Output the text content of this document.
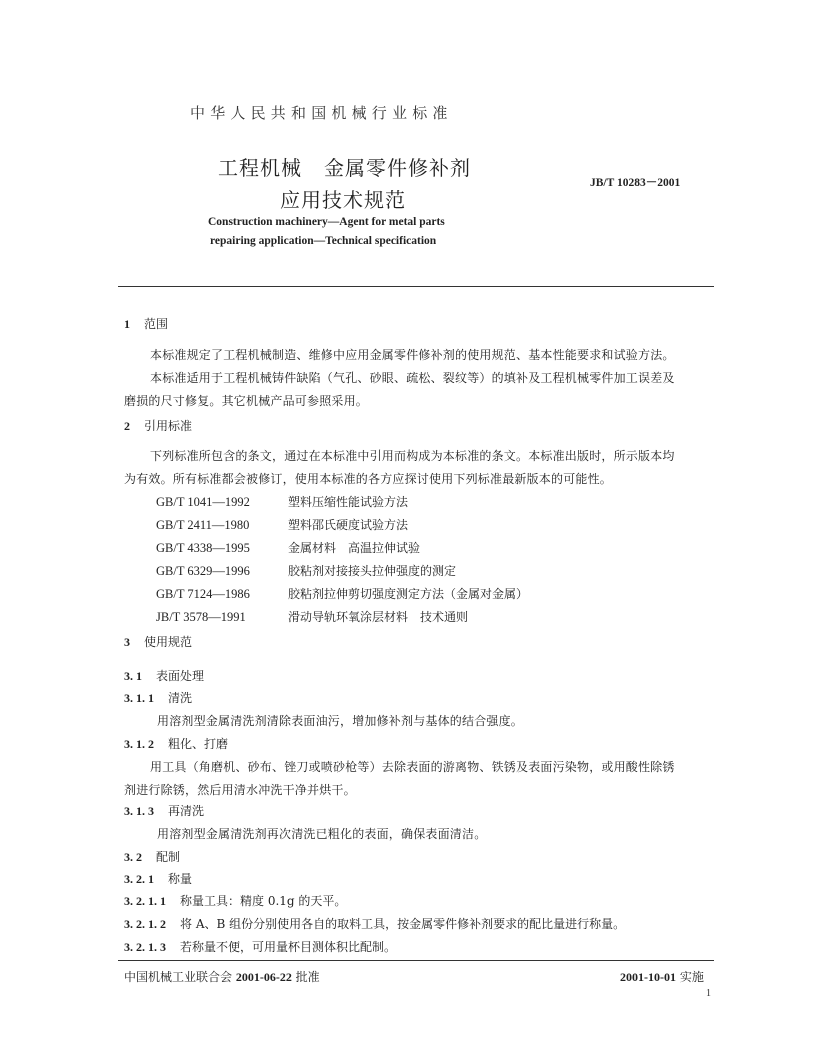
中华人民共和国机械行业标准
工程机械 金属零件修补剂
应用技术规范
JB/T 10283－2001
Construction machinery—Agent for metal parts
repairing application—Technical specification
1 范围
本标准规定了工程机械制造、维修中应用金属零件修补剂的使用规范、基本性能要求和试验方法。
本标准适用于工程机械铸件缺陷（气孔、砂眼、疏松、裂纹等）的填补及工程机械零件加工误差及
磨损的尺寸修复。其它机械产品可参照采用。
2 引用标准
下列标准所包含的条文，通过在本标准中引用而构成为本标准的条文。本标准出版时，所示版本均
为有效。所有标准都会被修订，使用本标准的各方应探讨使用下列标准最新版本的可能性。
GB/T 1041—1992	塑料压缩性能试验方法
GB/T 2411—1980	塑料邵氏硬度试验方法
GB/T 4338—1995	金属材料　高温拉伸试验
GB/T 6329—1996	胶粘剂对接接头拉伸强度的测定
GB/T 7124—1986	胶粘剂拉伸剪切强度测定方法（金属对金属）
JB/T 3578—1991	滑动导轨环氧涂层材料　技术通则
3 使用规范
3. 1 表面处理
3. 1. 1 清洗
用溶剂型金属清洗剂清除表面油污，增加修补剂与基体的结合强度。
3. 1. 2 粗化、打磨
用工具（角磨机、砂布、锉刀或喷砂枪等）去除表面的游离物、铁锈及表面污染物，或用酸性除锈
剂进行除锈，然后用清水冲洗干净并烘干。
3. 1. 3 再清洗
用溶剂型金属清洗剂再次清洗已粗化的表面，确保表面清洁。
3. 2 配制
3. 2. 1 称量
3. 2. 1. 1 称量工具：精度 0.1g 的天平。
3. 2. 1. 2 将 A、B 组份分别使用各自的取料工具，按金属零件修补剂要求的配比量进行称量。
3. 2. 1. 3 若称量不便，可用量杯目测体积比配制。
中国机械工业联合会 2001-06-22 批准	2001-10-01 实施
1
